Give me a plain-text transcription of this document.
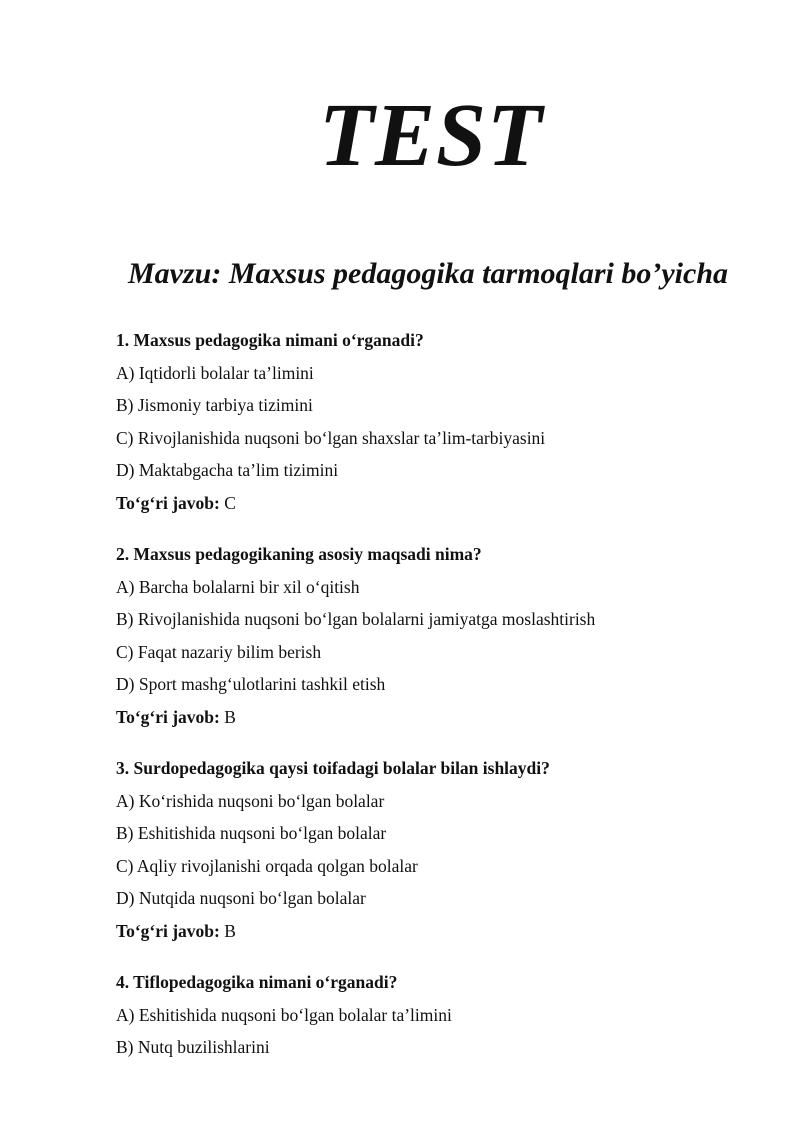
TEST
Mavzu: Maxsus pedagogika tarmoqlari bo’yicha
1. Maxsus pedagogika nimani o‘rganadi?
A) Iqtidorli bolalar ta’limini
B) Jismoniy tarbiya tizimini
C) Rivojlanishida nuqsoni bo‘lgan shaxslar ta’lim-tarbiyasini
D) Maktabgacha ta’lim tizimini
To‘g‘ri javob: C
2. Maxsus pedagogikaning asosiy maqsadi nima?
A) Barcha bolalarni bir xil o‘qitish
B) Rivojlanishida nuqsoni bo‘lgan bolalarni jamiyatga moslashtirish
C) Faqat nazariy bilim berish
D) Sport mashg‘ulotlarini tashkil etish
To‘g‘ri javob: B
3. Surdopedagogika qaysi toifadagi bolalar bilan ishlaydi?
A) Ko‘rishida nuqsoni bo‘lgan bolalar
B) Eshitishida nuqsoni bo‘lgan bolalar
C) Aqliy rivojlanishi orqada qolgan bolalar
D) Nutqida nuqsoni bo‘lgan bolalar
To‘g‘ri javob: B
4. Tiflopedagogika nimani o‘rganadi?
A) Eshitishida nuqsoni bo‘lgan bolalar ta’limini
B) Nutq buzilishlarini
